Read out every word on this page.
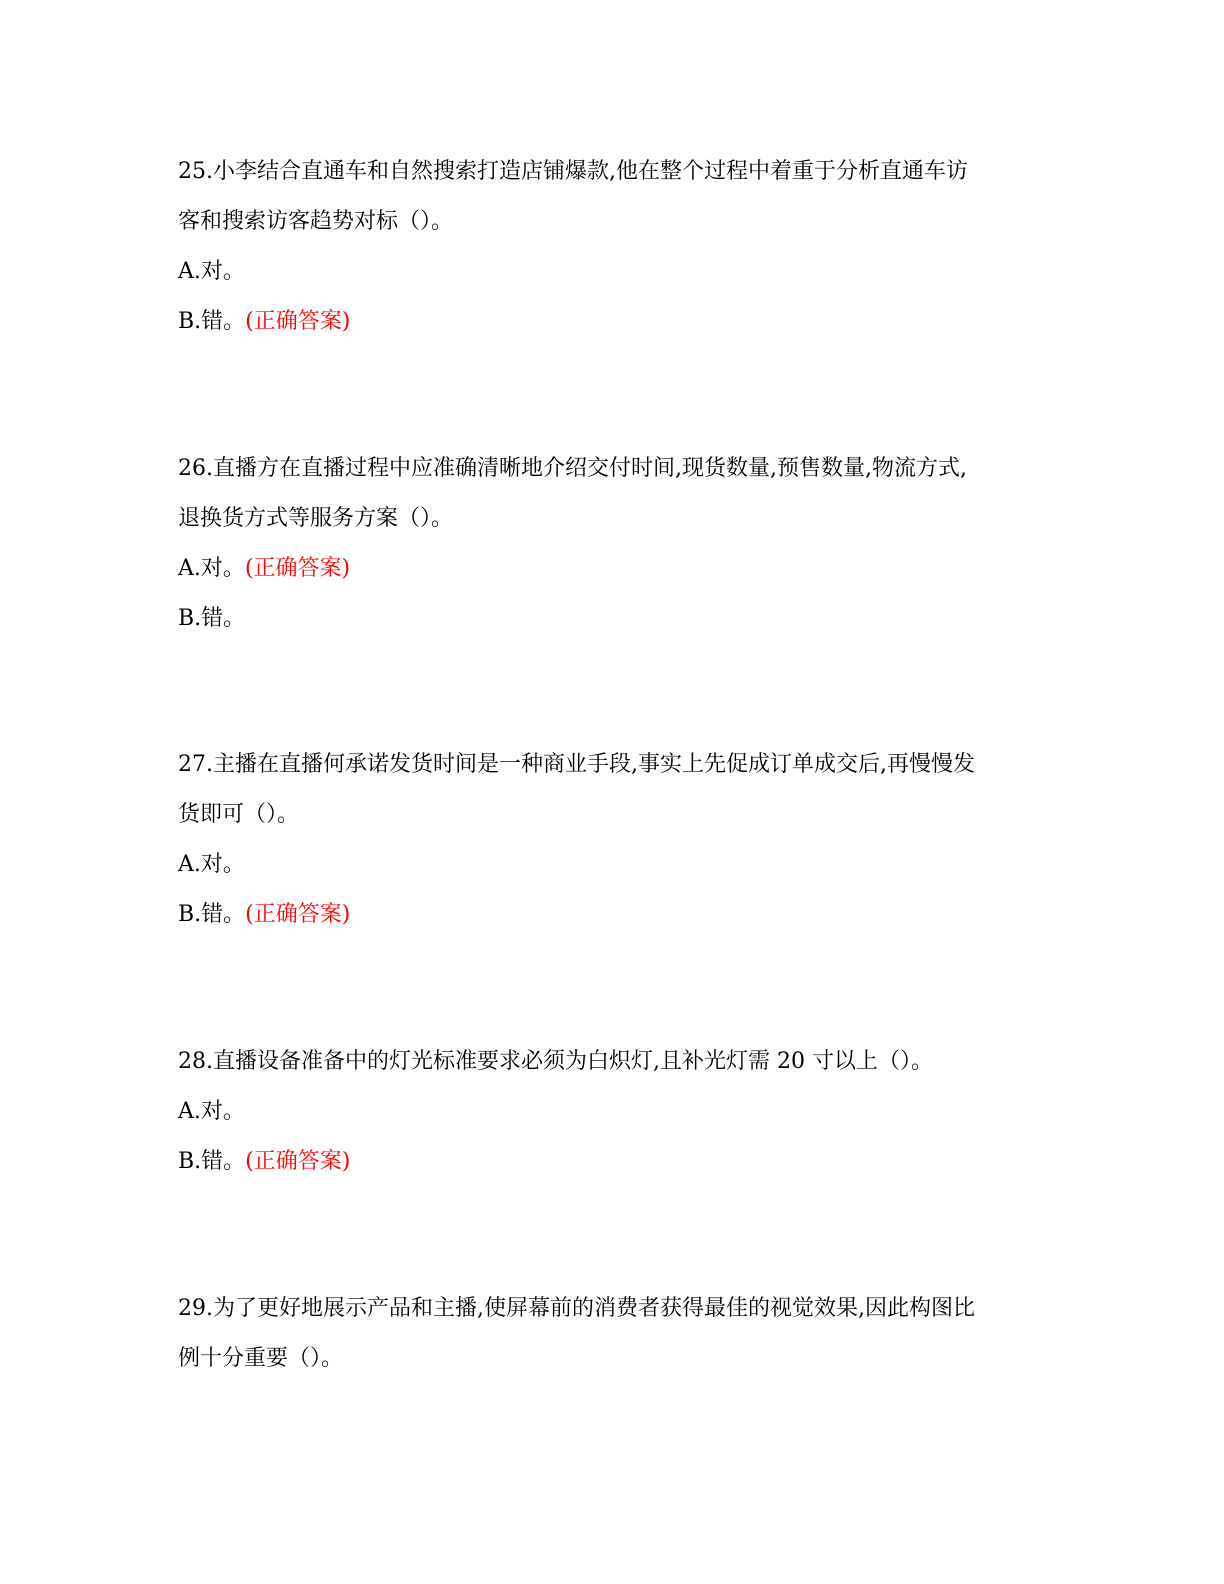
25.小李结合直通车和自然搜索打造店铺爆款,他在整个过程中着重于分析直通车访
客和搜索访客趋势对标（）。
A.对。
B.错。(正确答案)
26.直播方在直播过程中应准确清晰地介绍交付时间,现货数量,预售数量,物流方式,
退换货方式等服务方案（）。
A.对。(正确答案)
B.错。
27.主播在直播何承诺发货时间是一种商业手段,事实上先促成订单成交后,再慢慢发
货即可（）。
A.对。
B.错。(正确答案)
28.直播设备准备中的灯光标准要求必须为白炽灯,且补光灯需 20 寸以上（）。
A.对。
B.错。(正确答案)
29.为了更好地展示产品和主播,使屏幕前的消费者获得最佳的视觉效果,因此构图比
例十分重要（）。
